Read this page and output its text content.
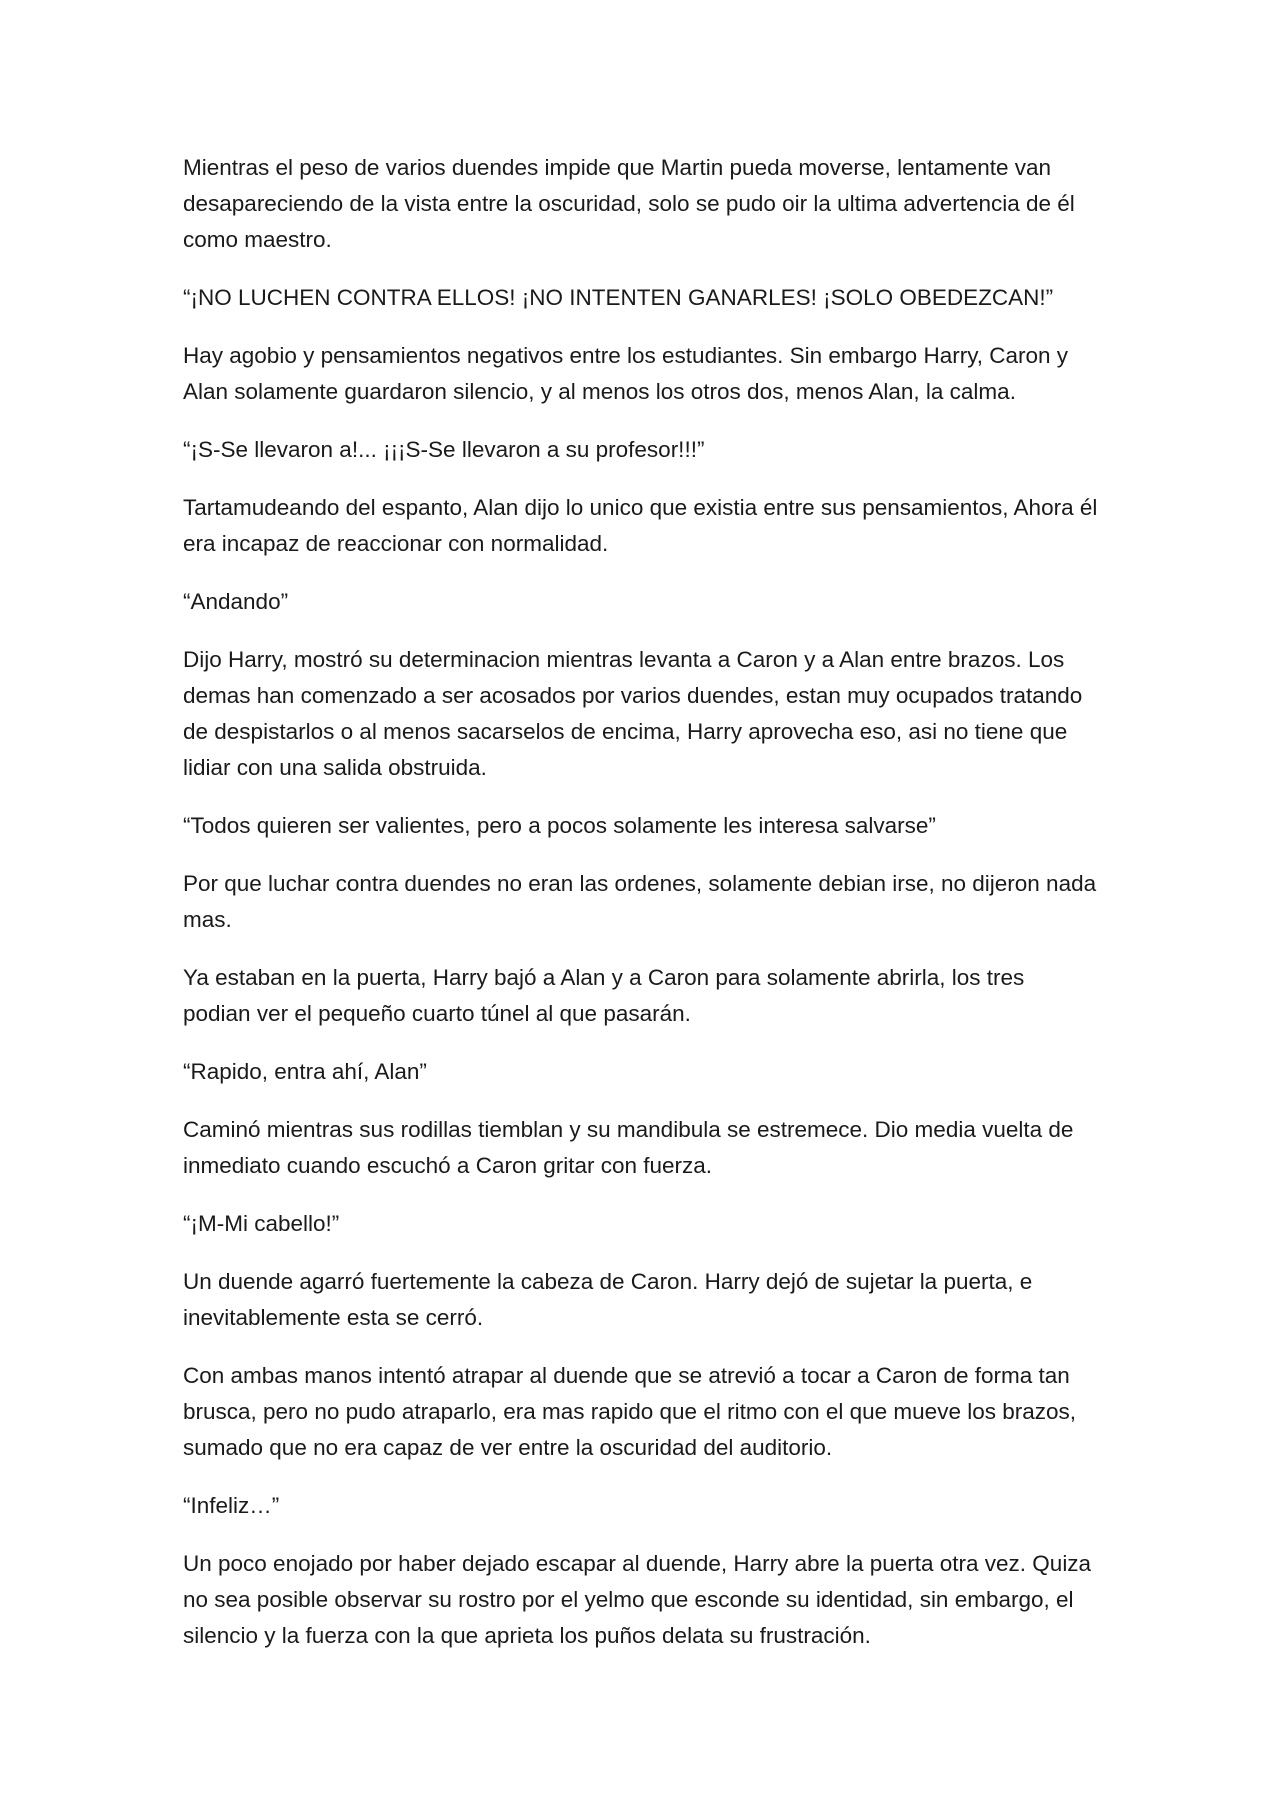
Mientras el peso de varios duendes impide que Martin pueda moverse, lentamente van desapareciendo de la vista entre la oscuridad, solo se pudo oir la ultima advertencia de él como maestro.

“¡NO LUCHEN CONTRA ELLOS! ¡NO INTENTEN GANARLES! ¡SOLO OBEDEZCAN!”

Hay agobio y pensamientos negativos entre los estudiantes. Sin embargo Harry, Caron y Alan solamente guardaron silencio, y al menos los otros dos, menos Alan, la calma.

“¡S-Se llevaron a!... ¡¡¡S-Se llevaron a su profesor!!!”

Tartamudeando del espanto, Alan dijo lo unico que existia entre sus pensamientos, Ahora él era incapaz de reaccionar con normalidad.

“Andando”

Dijo Harry, mostró su determinacion mientras levanta a Caron y a Alan entre brazos. Los demas han comenzado a ser acosados por varios duendes, estan muy ocupados tratando de despistarlos o al menos sacarselos de encima, Harry aprovecha eso, asi no tiene que lidiar con una salida obstruida.

“Todos quieren ser valientes, pero a pocos solamente les interesa salvarse”

Por que luchar contra duendes no eran las ordenes, solamente debian irse, no dijeron nada mas.

Ya estaban en la puerta, Harry bajó a Alan y a Caron para solamente abrirla, los tres podian ver el pequeño cuarto túnel al que pasarán.

“Rapido, entra ahí, Alan”

Caminó mientras sus rodillas tiemblan y su mandibula se estremece. Dio media vuelta de inmediato cuando escuchó a Caron gritar con fuerza.

“¡M-Mi cabello!”

Un duende agarró fuertemente la cabeza de Caron. Harry dejó de sujetar la puerta, e inevitablemente esta se cerró.

Con ambas manos intentó atrapar al duende que se atrevió a tocar a Caron de forma tan brusca, pero no pudo atraparlo, era mas rapido que el ritmo con el que mueve los brazos, sumado que no era capaz de ver entre la oscuridad del auditorio.

“Infeliz…”

Un poco enojado por haber dejado escapar al duende, Harry abre la puerta otra vez. Quiza no sea posible observar su rostro por el yelmo que esconde su identidad, sin embargo, el silencio y la fuerza con la que aprieta los puños delata su frustración.
